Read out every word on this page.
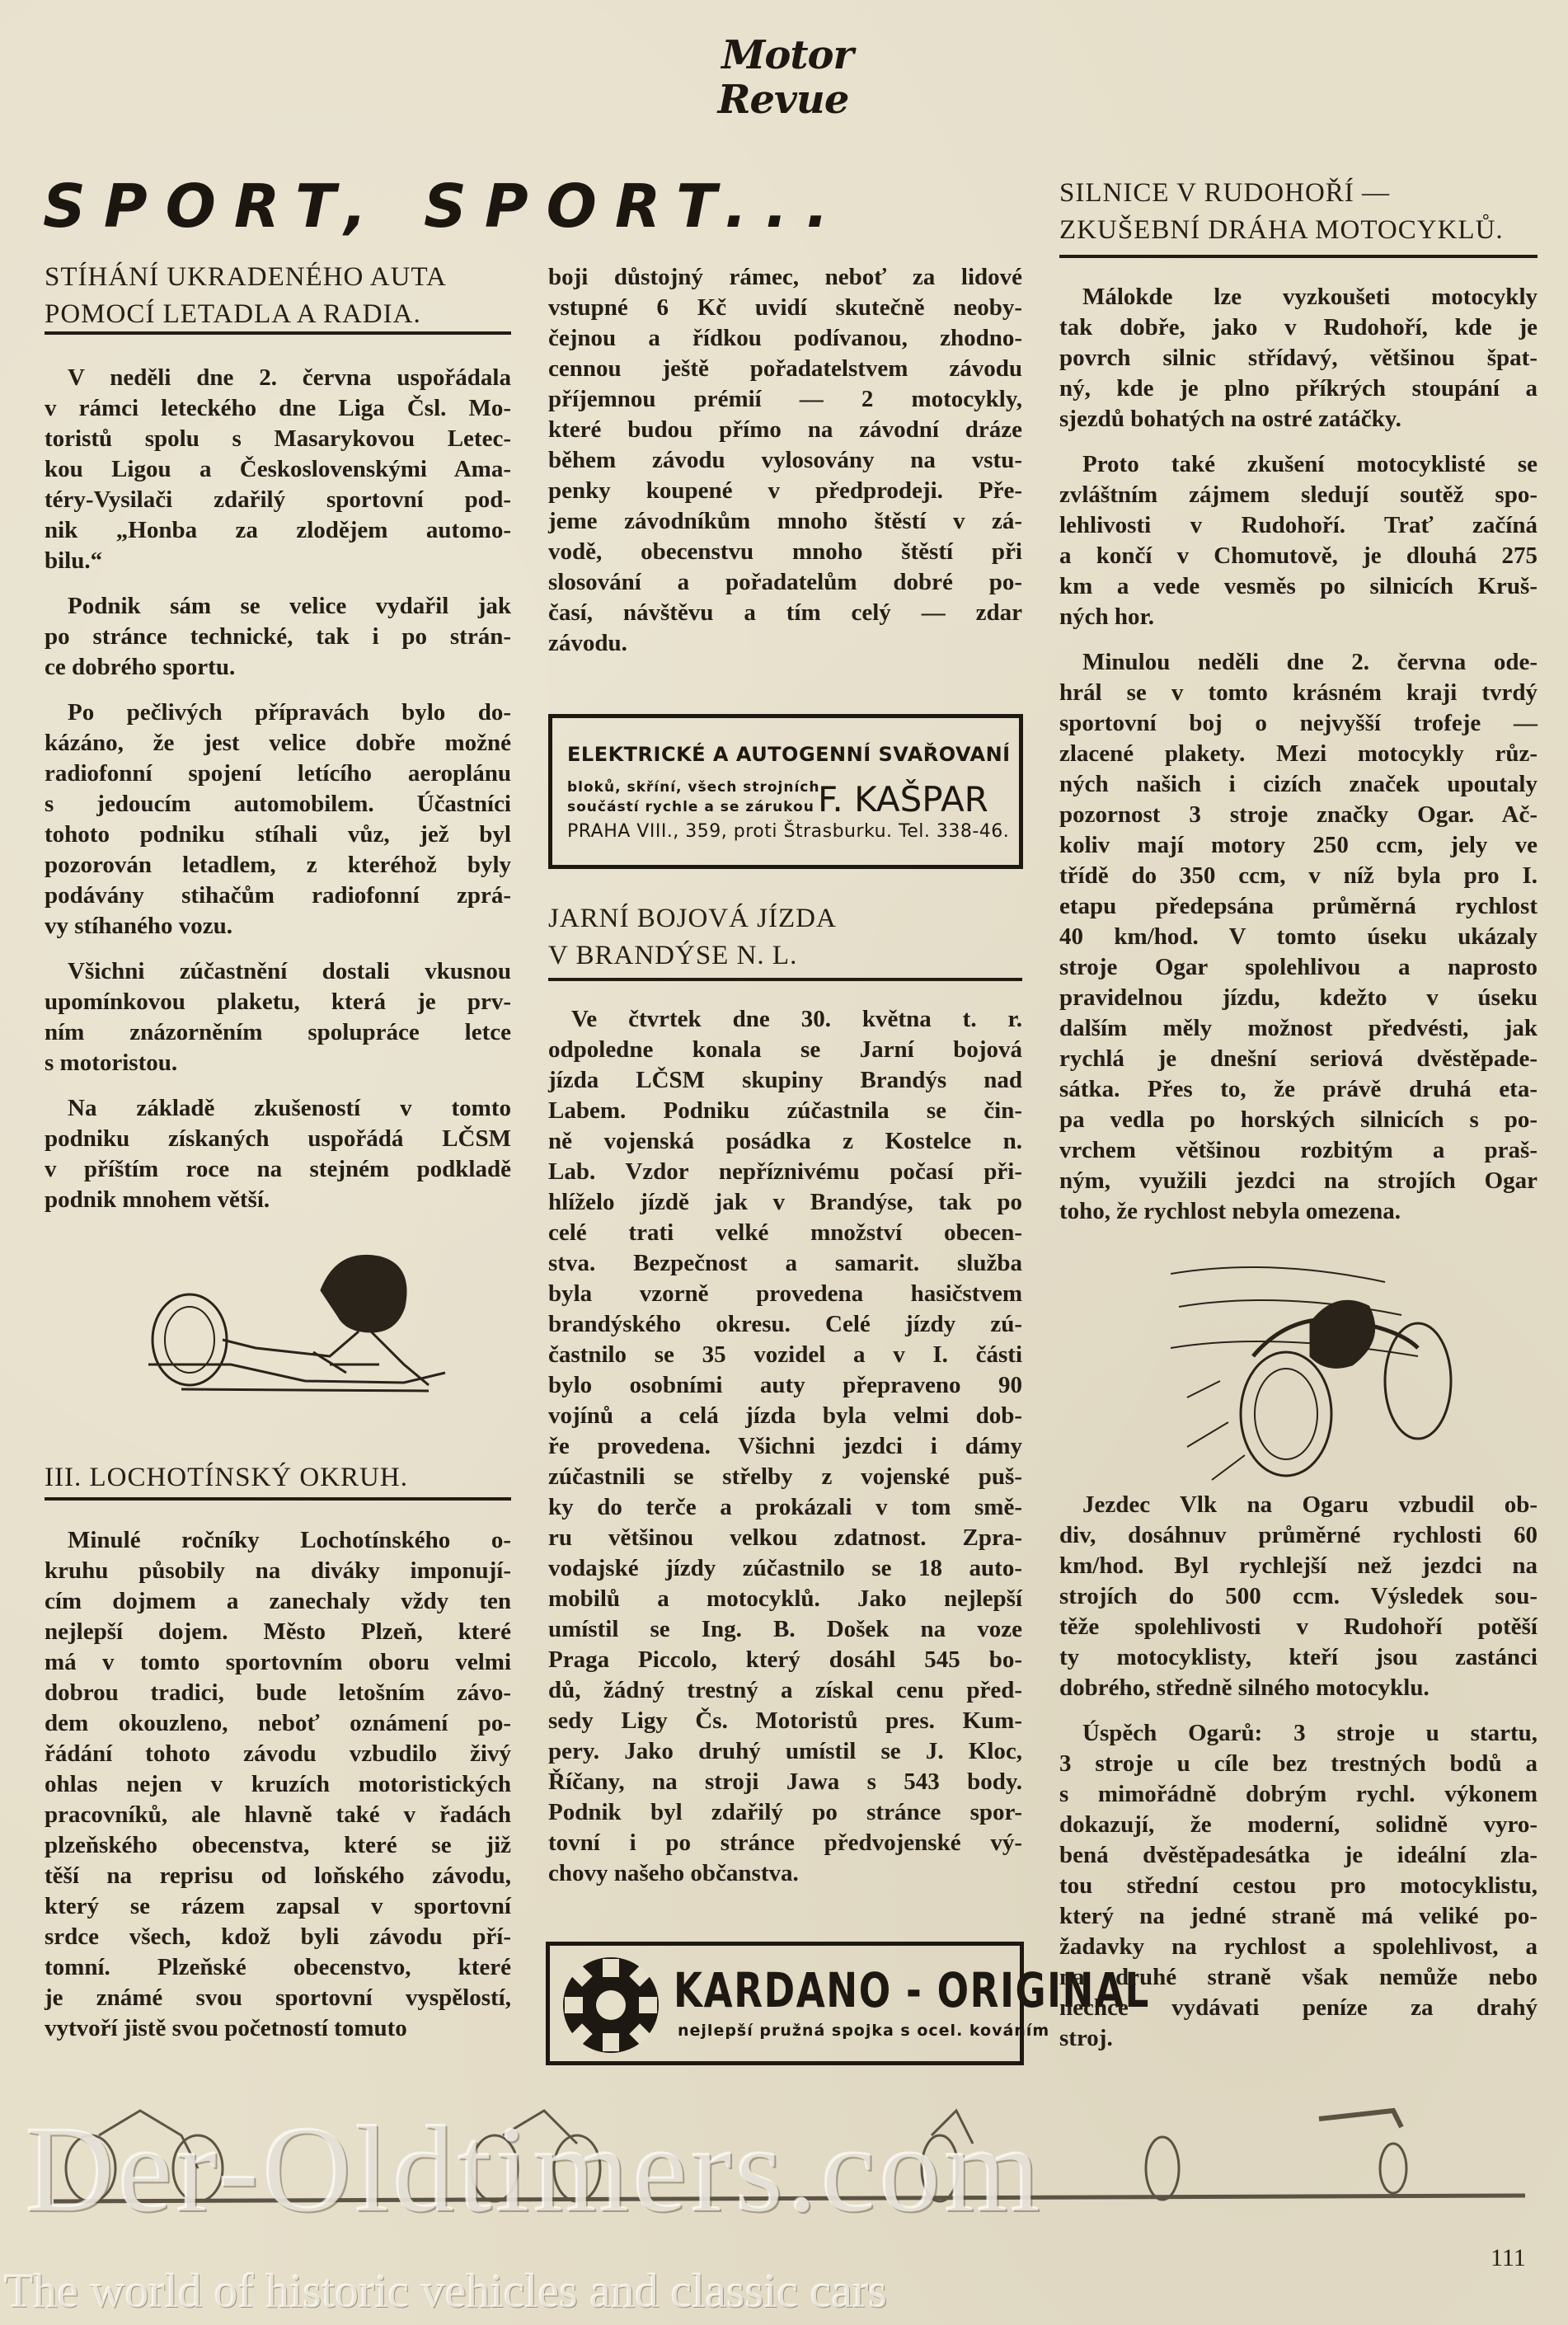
Motor
Revue
SPORT, SPORT...
STÍHÁNÍ UKRADENÉHO AUTA
POMOCÍ LETADLA A RADIA.
V neděli dne 2. června uspořádala
v rámci leteckého dne Liga Čsl. Mo-
toristů spolu s Masarykovou Letec-
kou Ligou a Československými Ama-
téry-Vysilači zdařilý sportovní pod-
nik „Honba za zlodějem automo-
bilu.“
Podnik sám se velice vydařil jak
po stránce technické, tak i po strán-
ce dobrého sportu.
Po pečlivých přípravách bylo do-
kázáno, že jest velice dobře možné
radiofonní spojení letícího aeroplánu
s jedoucím automobilem. Účastníci
tohoto podniku stíhali vůz, jež byl
pozorován letadlem, z kteréhož byly
podávány stihačům radiofonní zprá-
vy stíhaného vozu.
Všichni zúčastnění dostali vkusnou
upomínkovou plaketu, která je prv-
ním znázorněním spolupráce letce
s motoristou.
Na základě zkušeností v tomto
podniku získaných uspořádá LČSM
v příštím roce na stejném podkladě
podnik mnohem větší.
III. LOCHOTÍNSKÝ OKRUH.
Minulé ročníky Lochotínského o-
kruhu působily na diváky imponují-
cím dojmem a zanechaly vždy ten
nejlepší dojem. Město Plzeň, které
má v tomto sportovním oboru velmi
dobrou tradici, bude letošním závo-
dem okouzleno, neboť oznámení po-
řádání tohoto závodu vzbudilo živý
ohlas nejen v kruzích motoristických
pracovníků, ale hlavně také v řadách
plzeňského obecenstva, které se již
těší na reprisu od loňského závodu,
který se rázem zapsal v sportovní
srdce všech, kdož byli závodu pří-
tomní. Plzeňské obecenstvo, které
je známé svou sportovní vyspělostí,
vytvoří jistě svou početností tomuto
boji důstojný rámec, neboť za lidové
vstupné 6 Kč uvidí skutečně neoby-
čejnou a řídkou podívanou, zhodno-
cennou ještě pořadatelstvem závodu
příjemnou prémií — 2 motocykly,
které budou přímo na závodní dráze
během závodu vylosovány na vstu-
penky koupené v předprodeji. Pře-
jeme závodníkům mnoho štěstí v zá-
vodě, obecenstvu mnoho štěstí při
slosování a pořadatelům dobré po-
časí, návštěvu a tím celý — zdar
závodu.
ELEKTRICKÉ A AUTOGENNÍ SVAŘOVANÍ
bloků, skříní, všech strojních
součástí rychle a se zárukou F. KAŠPAR
PRAHA VIII., 359, proti Štrasburku. Tel. 338-46.
JARNÍ BOJOVÁ JÍZDA
V BRANDÝSE N. L.
Ve čtvrtek dne 30. května t. r.
odpoledne konala se Jarní bojová
jízda LČSM skupiny Brandýs nad
Labem. Podniku zúčastnila se čin-
ně vojenská posádka z Kostelce n.
Lab. Vzdor nepříznivému počasí při-
hlíželo jízdě jak v Brandýse, tak po
celé trati velké množství obecen-
stva. Bezpečnost a samarit. služba
byla vzorně provedena hasičstvem
brandýského okresu. Celé jízdy zú-
častnilo se 35 vozidel a v I. části
bylo osobními auty přepraveno 90
vojínů a celá jízda byla velmi dob-
ře provedena. Všichni jezdci i dámy
zúčastnili se střelby z vojenské puš-
ky do terče a prokázali v tom smě-
ru většinou velkou zdatnost. Zpra-
vodajské jízdy zúčastnilo se 18 auto-
mobilů a motocyklů. Jako nejlepší
umístil se Ing. B. Došek na voze
Praga Piccolo, který dosáhl 545 bo-
dů, žádný trestný a získal cenu před-
sedy Ligy Čs. Motoristů pres. Kum-
pery. Jako druhý umístil se J. Kloc,
Říčany, na stroji Jawa s 543 body.
Podnik byl zdařilý po stránce spor-
tovní i po stránce předvojenské vý-
chovy našeho občanstva.
KARDANO - ORIGINAL
nejlepší pružná spojka s ocel. kováním
SILNICE V RUDOHOŘÍ —
ZKUŠEBNÍ DRÁHA MOTOCYKLŮ.
Málokde lze vyzkoušeti motocykly
tak dobře, jako v Rudohoří, kde je
povrch silnic střídavý, většinou špat-
ný, kde je plno příkrých stoupání a
sjezdů bohatých na ostré zatáčky.
Proto také zkušení motocyklisté se
zvláštním zájmem sledují soutěž spo-
lehlivosti v Rudohoří. Trať začíná
a končí v Chomutově, je dlouhá 275
km a vede vesměs po silnicích Kruš-
ných hor.
Minulou neděli dne 2. června ode-
hrál se v tomto krásném kraji tvrdý
sportovní boj o nejvyšší trofeje —
zlacené plakety. Mezi motocykly růz-
ných našich i cizích značek upoutaly
pozornost 3 stroje značky Ogar. Ač-
koliv mají motory 250 ccm, jely ve
třídě do 350 ccm, v níž byla pro I.
etapu předepsána průměrná rychlost
40 km/hod. V tomto úseku ukázaly
stroje Ogar spolehlivou a naprosto
pravidelnou jízdu, kdežto v úseku
dalším měly možnost předvésti, jak
rychlá je dnešní seriová dvěstěpade-
sátka. Přes to, že právě druhá eta-
pa vedla po horských silnicích s po-
vrchem většinou rozbitým a praš-
ným, využili jezdci na strojích Ogar
toho, že rychlost nebyla omezena.
Jezdec Vlk na Ogaru vzbudil ob-
div, dosáhnuv průměrné rychlosti 60
km/hod. Byl rychlejší než jezdci na
strojích do 500 ccm. Výsledek sou-
těže spolehlivosti v Rudohoří potěší
ty motocyklisty, kteří jsou zastánci
dobrého, středně silného motocyklu.
Úspěch Ogarů: 3 stroje u startu,
3 stroje u cíle bez trestných bodů a
s mimořádně dobrým rychl. výkonem
dokazují, že moderní, solidně vyro-
bená dvěstěpadesátka je ideální zla-
tou střední cestou pro motocyklistu,
který na jedné straně má veliké po-
žadavky na rychlost a spolehlivost, a
na druhé straně však nemůže nebo
nechce vydávati peníze za drahý
stroj.
Der-Oldtimers.com
The world of historic vehicles and classic cars
111
